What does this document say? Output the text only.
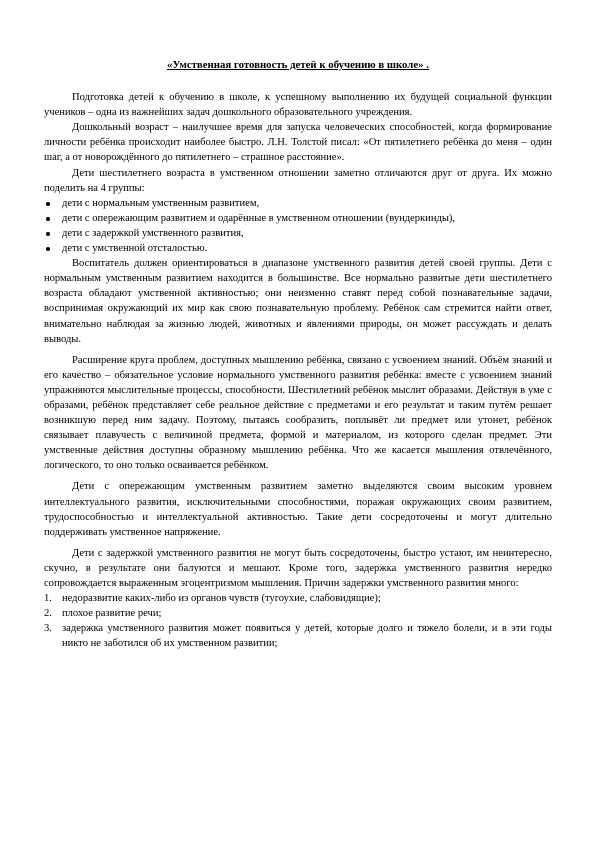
«Умственная готовность детей к обучению в школе» .

Подготовка детей к обучению в школе, к успешному выполнению их будущей социальной функции учеников – одна из важнейших задач дошкольного образовательного учреждения.

Дошкольный возраст – наилучшее время для запуска человеческих способностей, когда формирование личности ребёнка происходит наиболее быстро. Л.Н. Толстой писал: «От пятилетнего ребёнка до меня – один шаг, а от новорождённого до пятилетнего – страшное расстояние».

Дети шестилетнего возраста в умственном отношении заметно отличаются друг от друга. Их можно поделить на 4 группы:

дети с нормальным умственным развитием,
дети с опережающим развитием и одарённые в умственном отношении (вундеркинды),
дети с задержкой умственного развития,
дети с умственной отсталостью.

Воспитатель должен ориентироваться в диапазоне умственного развития детей своей группы. Дети с нормальным умственным развитием находится в большинстве. Все нормально развитые дети шестилетнего возраста обладают умственной активностью; они неизменно ставят перед собой познавательные задачи, воспринимая окружающий их мир как свою познавательную проблему. Ребёнок сам стремится найти ответ, внимательно наблюдая за жизнью людей, животных и явлениями природы, он может рассуждать и делать выводы.

Расширение круга проблем, доступных мышлению ребёнка, связано с усвоением знаний. Объём знаний и его качество – обязательное условие нормального умственного развития ребёнка: вместе с усвоением знаний упражняются мыслительные процессы, способности. Шестилетний ребёнок мыслит образами. Действуя в уме с образами, ребёнок представляет себе реальное действие с предметами и его результат и таким путём решает возникшую перед ним задачу. Поэтому, пытаясь сообразить, поплывёт ли предмет или утонет, ребёнок связывает плавучесть с величиной предмета, формой и материалом, из которого сделан предмет. Эти умственные действия доступны образному мышлению ребёнка. Что же касается мышления отвлечённого, логического, то оно только осваивается ребёнком.

Дети с опережающим умственным развитием заметно выделяются своим высоким уровнем интеллектуального развития, исключительными способностями, поражая окружающих своим развитием, трудоспособностью и интеллектуальной активностью. Такие дети сосредоточены и могут длительно поддерживать умственное напряжение.

Дети с задержкой умственного развития не могут быть сосредоточены, быстро устают, им неинтересно, скучно, в результате они балуются и мешают. Кроме того, задержка умственного развития нередко сопровождается выраженным эгоцентризмом мышления. Причин задержки умственного развития много:

1. недоразвитие каких-либо из органов чувств (тугоухие, слабовидящие);
2. плохое развитие речи;
3. задержка умственного развития может появиться у детей, которые долго и тяжело болели, и в эти годы никто не заботился об их умственном развитии;
